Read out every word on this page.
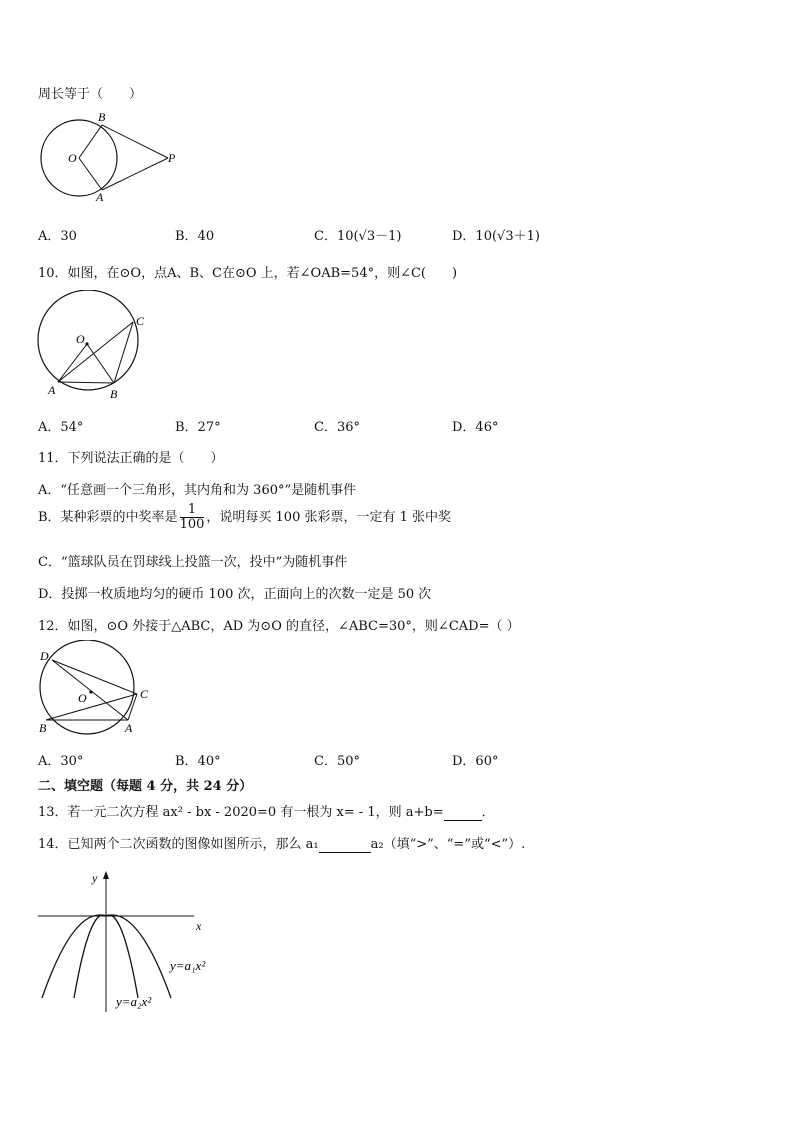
周长等于（　　）
B
O	P
A
A．30	B．40	C．10(√3－1)	D．10(√3＋1)
10．如图，在⊙O，点A、B、C在⊙O 上，若∠OAB=54°，则∠C(　　)
O
C
A	B
A．54°	B．27°	C．36°	D．46°
11．下列说法正确的是（　　）
A．“任意画一个三角形，其内角和为 360°”是随机事件
B．某种彩票的中奖率是 $\frac{1}{100}$ ，说明每买 100 张彩票，一定有 1 张中奖
C．“篮球队员在罚球线上投篮一次，投中”为随机事件
D．投掷一枚质地均匀的硬币 100 次，正面向上的次数一定是 50 次
12．如图，⊙O 外接于△ABC，AD 为⊙O 的直径，∠ABC=30°，则∠CAD=（ ）
D
O	C
B	A
A．30°	B．40°	C．50°	D．60°
二、填空题（每题 4 分，共 24 分）
13．若一元二次方程 ax² - bx - 2020=0 有一根为 x= - 1，则 a+b=	．
14．已知两个二次函数的图像如图所示，那么 a₁	a₂（填“>”、“=”或“<”）.
y
x
y=a₁x²
y=a₂x²
